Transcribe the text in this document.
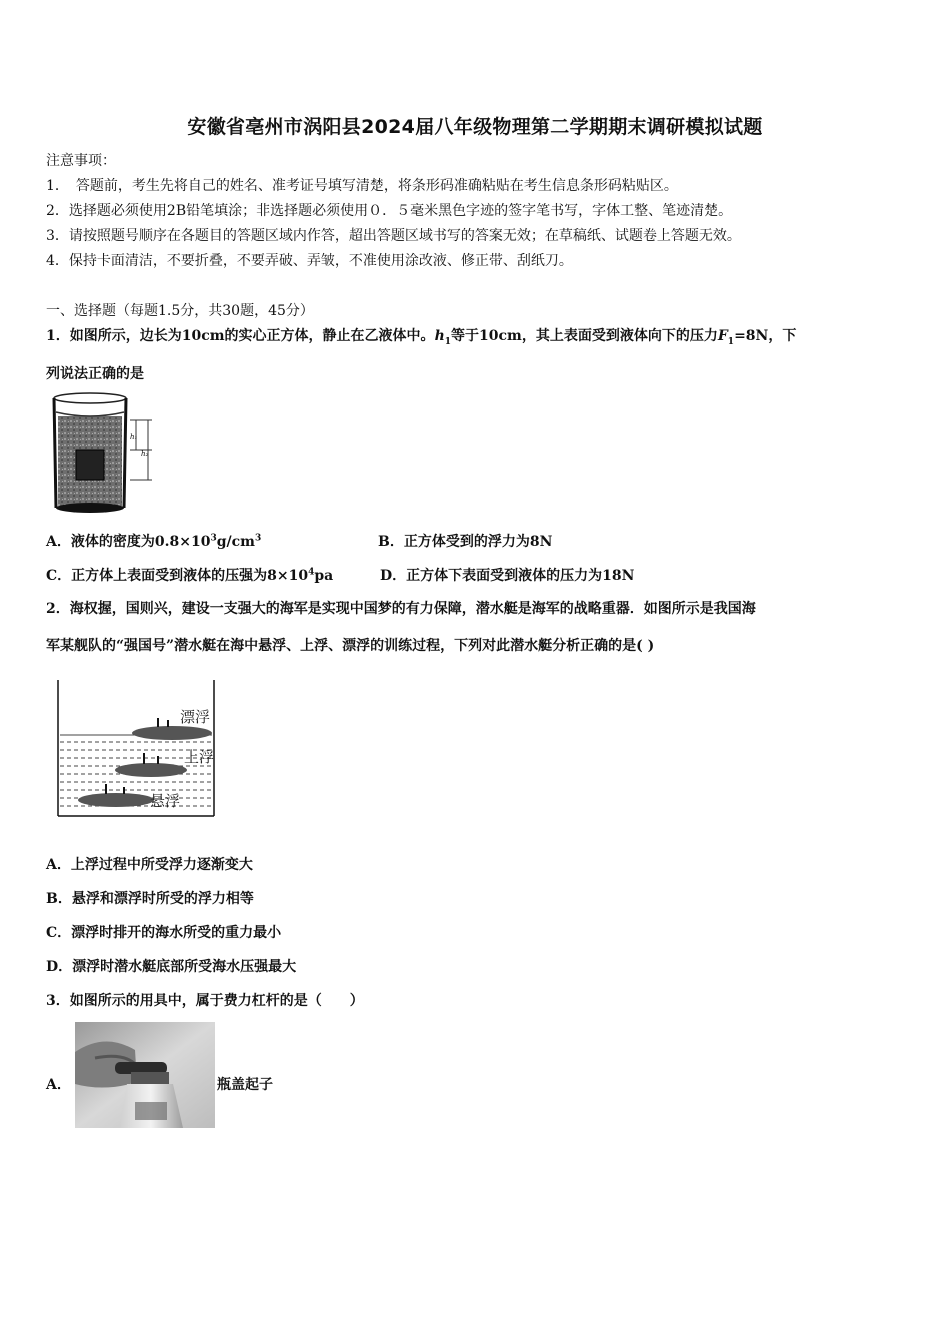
安徽省亳州市涡阳县2024届八年级物理第二学期期末调研模拟试题
注意事项：
1．　答题前，考生先将自己的姓名、准考证号填写清楚，将条形码准确粘贴在考生信息条形码粘贴区。
2．选择题必须使用2B铅笔填涂；非选择题必须使用０．５毫米黑色字迹的签字笔书写，字体工整、笔迹清楚。
3．请按照题号顺序在各题目的答题区域内作答，超出答题区域书写的答案无效；在草稿纸、试题卷上答题无效。
4．保持卡面清洁，不要折叠，不要弄破、弄皱，不准使用涂改液、修正带、刮纸刀。
一、选择题（每题1.5分，共30题，45分）
1．如图所示，边长为10cm的实心正方体，静止在乙液体中。$h_1$等于10cm，其上表面受到液体向下的压力$F_1=8N$，下
列说法正确的是
h₁
h₂
A．液体的密度为$0.8\times 10^3g/cm^3$	B．正方体受到的浮力为8N
C．正方体上表面受到液体的压强为$8\times 10^4pa$	D．正方体下表面受到液体的压力为18N
2．海权握，国则兴，建设一支强大的海军是实现中国梦的有力保障，潜水艇是海军的战略重器．如图所示是我国海
军某舰队的“强国号”潜水艇在海中悬浮、上浮、漂浮的训练过程，下列对此潜水艇分析正确的是( )
漂浮
上浮
悬浮
A．上浮过程中所受浮力逐渐变大
B．悬浮和漂浮时所受的浮力相等
C．漂浮时排开的海水所受的重力最小
D．漂浮时潜水艇底部所受海水压强最大
3．如图所示的用具中，属于费力杠杆的是（　　）
A．	瓶盖起子
